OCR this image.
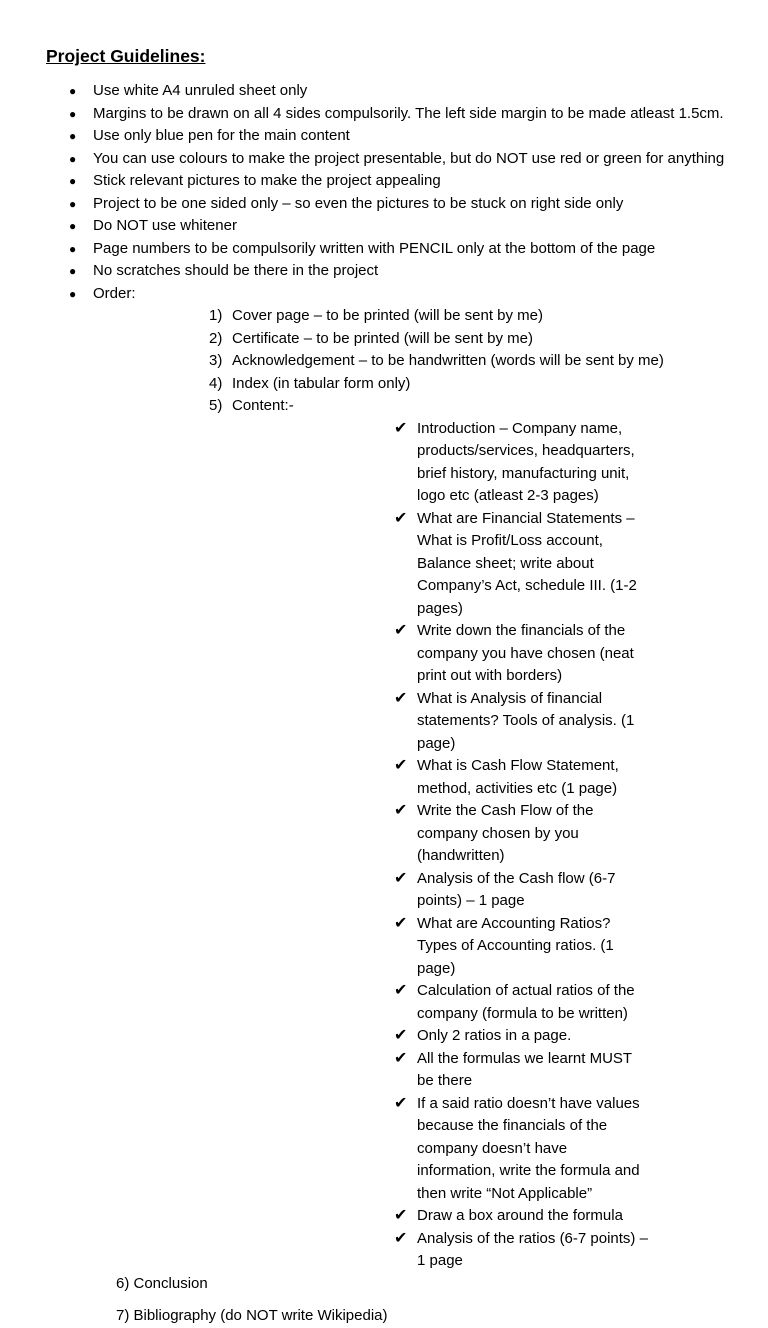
Project Guidelines:
● Use white A4 unruled sheet only
● Margins to be drawn on all 4 sides compulsorily. The left side margin to be made atleast 1.5cm.
● Use only blue pen for the main content
● You can use colours to make the project presentable, but do NOT use red or green for anything
● Stick relevant pictures to make the project appealing
● Project to be one sided only – so even the pictures to be stuck on right side only
● Do NOT use whitener
● Page numbers to be compulsorily written with PENCIL only at the bottom of the page
● No scratches should be there in the project
● Order:
1) Cover page – to be printed (will be sent by me)
2) Certificate – to be printed (will be sent by me)
3) Acknowledgement – to be handwritten (words will be sent by me)
4) Index (in tabular form only)
5) Content:-
✔ Introduction – Company name, products/services, headquarters, brief history, manufacturing unit, logo etc (atleast 2-3 pages)
✔ What are Financial Statements – What is Profit/Loss account, Balance sheet; write about Company’s Act, schedule III. (1-2 pages)
✔ Write down the financials of the company you have chosen (neat print out with borders)
✔ What is Analysis of financial statements? Tools of analysis. (1 page)
✔ What is Cash Flow Statement, method, activities etc (1 page)
✔ Write the Cash Flow of the company chosen by you (handwritten)
✔ Analysis of the Cash flow (6-7 points) – 1 page
✔ What are Accounting Ratios? Types of Accounting ratios. (1 page)
✔ Calculation of actual ratios of the company (formula to be written)
✔ Only 2 ratios in a page.
✔ All the formulas we learnt MUST be there
✔ If a said ratio doesn’t have values because the financials of the company doesn’t have information, write the formula and then write “Not Applicable”
✔ Draw a box around the formula
✔ Analysis of the ratios (6-7 points) – 1 page
6) Conclusion
7) Bibliography (do NOT write Wikipedia)
